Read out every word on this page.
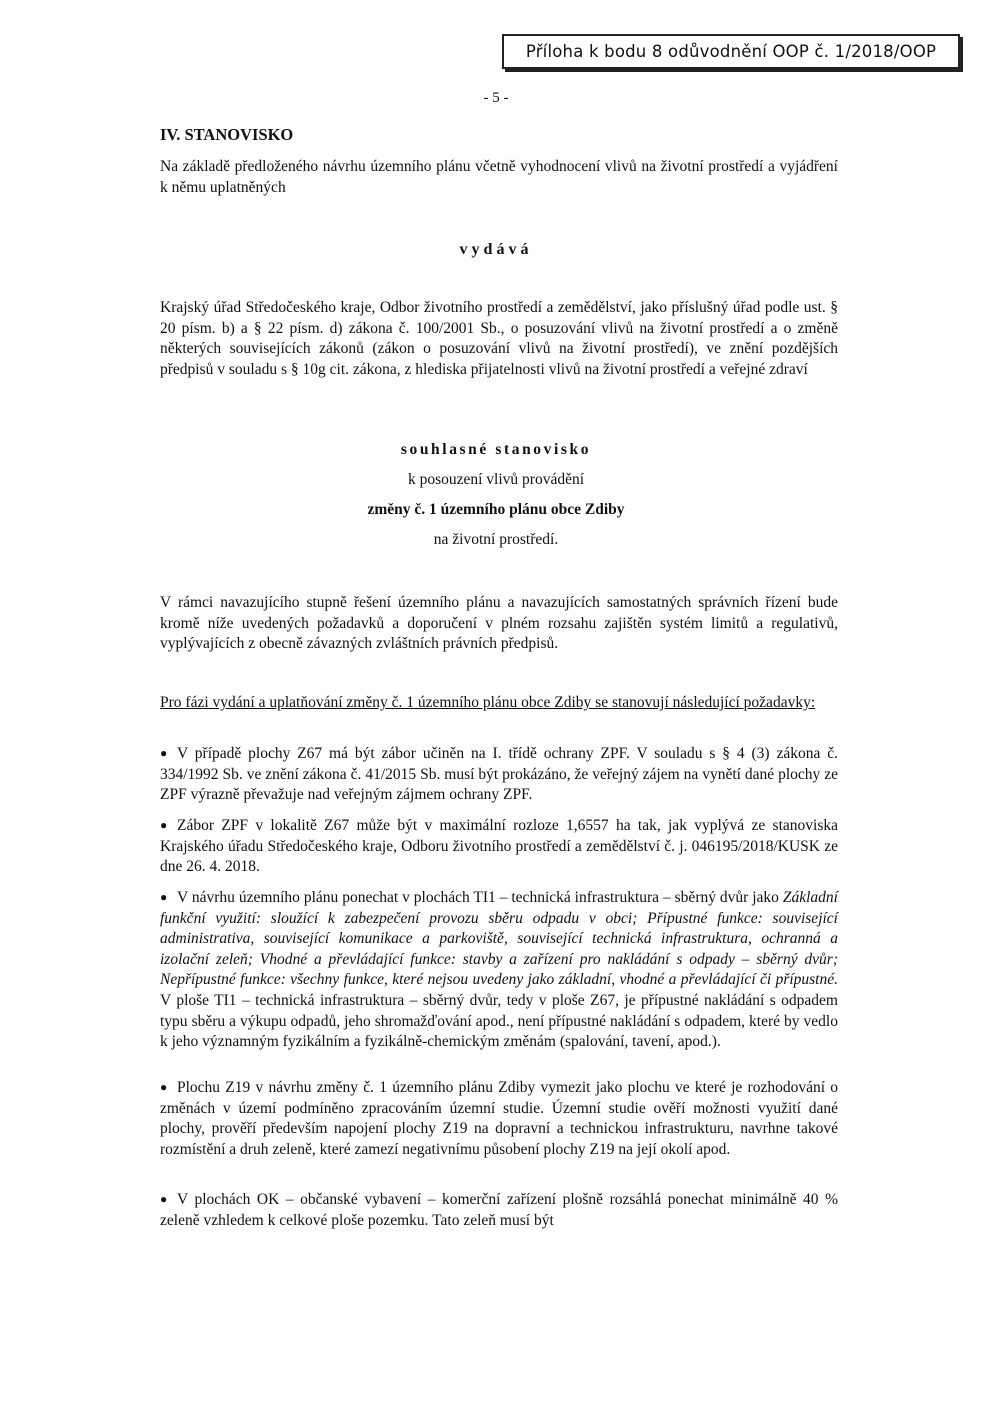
Příloha k bodu 8 odůvodnění OOP č. 1/2018/OOP
- 5 -
IV. STANOVISKO
Na základě předloženého návrhu územního plánu včetně vyhodnocení vlivů na životní prostředí a vyjádření k němu uplatněných
vydává
Krajský úřad Středočeského kraje, Odbor životního prostředí a zemědělství, jako příslušný úřad podle ust. § 20 písm. b) a § 22 písm. d) zákona č. 100/2001 Sb., o posuzování vlivů na životní prostředí a o změně některých souvisejících zákonů (zákon o posuzování vlivů na životní prostředí), ve znění pozdějších předpisů v souladu s § 10g cit. zákona, z hlediska přijatelnosti vlivů na životní prostředí a veřejné zdraví
souhlasné stanovisko
k posouzení vlivů provádění
změny č. 1 územního plánu obce Zdiby
na životní prostředí.
V rámci navazujícího stupně řešení územního plánu a navazujících samostatných správních řízení bude kromě níže uvedených požadavků a doporučení v plném rozsahu zajištěn systém limitů a regulativů, vyplývajících z obecně závazných zvláštních právních předpisů.
Pro fázi vydání a uplatňování změny č. 1 územního plánu obce Zdiby se stanovují následující požadavky:
● V případě plochy Z67 má být zábor učiněn na I. třídě ochrany ZPF. V souladu s § 4 (3) zákona č. 334/1992 Sb. ve znění zákona č. 41/2015 Sb. musí být prokázáno, že veřejný zájem na vynětí dané plochy ze ZPF výrazně převažuje nad veřejným zájmem ochrany ZPF.
● Zábor ZPF v lokalitě Z67 může být v maximální rozloze 1,6557 ha tak, jak vyplývá ze stanoviska Krajského úřadu Středočeského kraje, Odboru životního prostředí a zemědělství č. j. 046195/2018/KUSK ze dne 26. 4. 2018.
● V návrhu územního plánu ponechat v plochách TI1 – technická infrastruktura – sběrný dvůr jako Základní funkční využití: sloužící k zabezpečení provozu sběru odpadu v obci; Přípustné funkce: související administrativa, související komunikace a parkoviště, související technická infrastruktura, ochranná a izolační zeleň; Vhodné a převládající funkce: stavby a zařízení pro nakládání s odpady – sběrný dvůr; Nepřípustné funkce: všechny funkce, které nejsou uvedeny jako základní, vhodné a převládající či přípustné. V ploše TI1 – technická infrastruktura – sběrný dvůr, tedy v ploše Z67, je přípustné nakládání s odpadem typu sběru a výkupu odpadů, jeho shromažďování apod., není přípustné nakládání s odpadem, které by vedlo k jeho významným fyzikálním a fyzikálně-chemickým změnám (spalování, tavení, apod.).
● Plochu Z19 v návrhu změny č. 1 územního plánu Zdiby vymezit jako plochu ve které je rozhodování o změnách v území podmíněno zpracováním územní studie. Územní studie ověří možnosti využití dané plochy, prověří především napojení plochy Z19 na dopravní a technickou infrastrukturu, navrhne takové rozmístění a druh zeleně, které zamezí negativnímu působení plochy Z19 na její okolí apod.
● V plochách OK – občanské vybavení – komerční zařízení plošně rozsáhlá ponechat minimálně 40 % zeleně vzhledem k celkové ploše pozemku. Tato zeleň musí být
